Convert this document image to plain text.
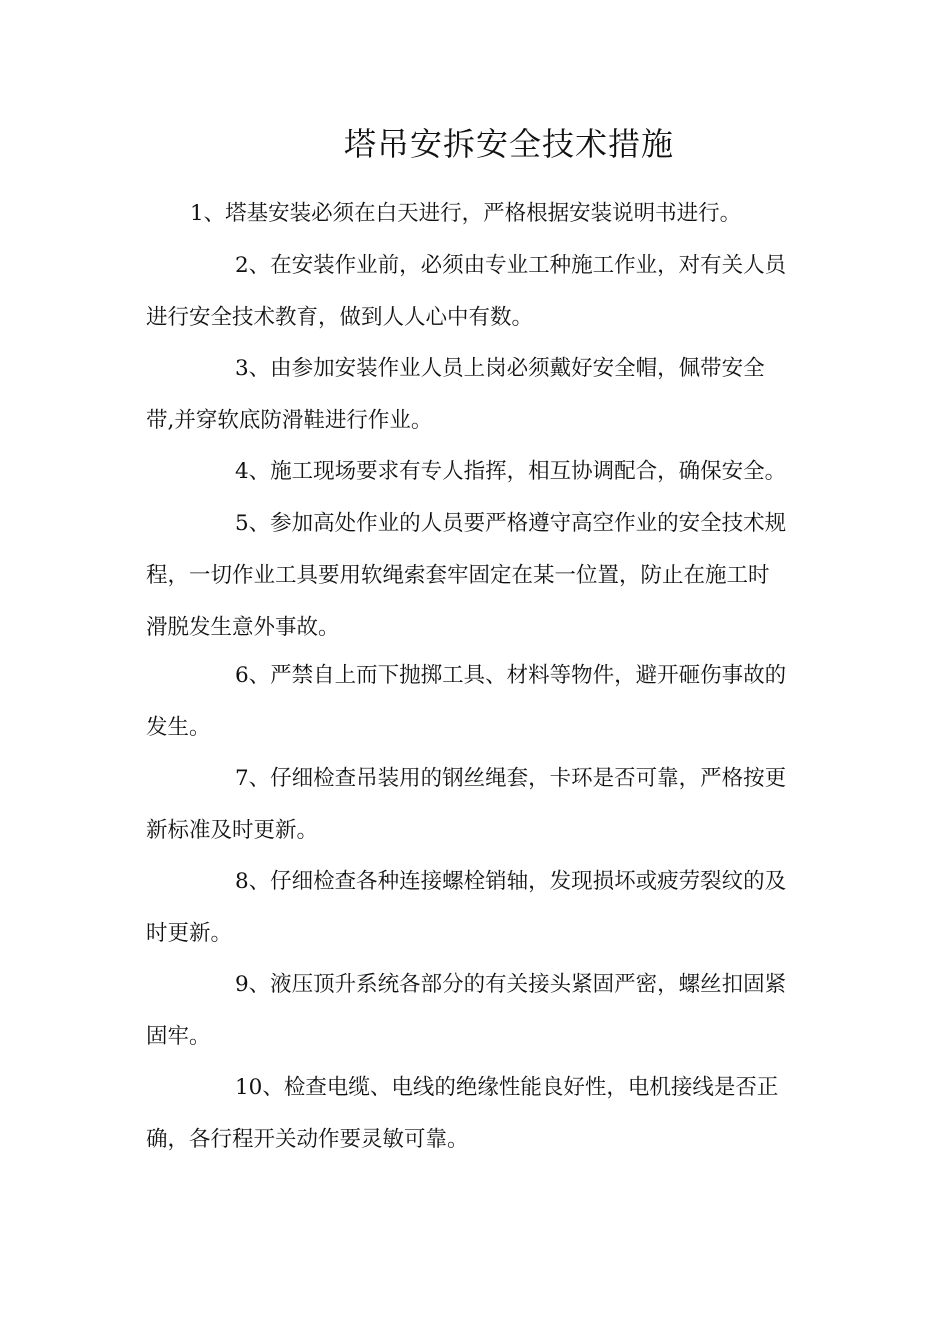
塔吊安拆安全技术措施
1、塔基安装必须在白天进行，严格根据安装说明书进行。
2、在安装作业前，必须由专业工种施工作业，对有关人员
进行安全技术教育，做到人人心中有数。
3、由参加安装作业人员上岗必须戴好安全帽，佩带安全
带,并穿软底防滑鞋进行作业。
4、施工现场要求有专人指挥，相互协调配合，确保安全。
5、参加高处作业的人员要严格遵守高空作业的安全技术规
程，一切作业工具要用软绳索套牢固定在某一位置，防止在施工时
滑脱发生意外事故。
6、严禁自上而下抛掷工具、材料等物件，避开砸伤事故的
发生。
7、仔细检查吊装用的钢丝绳套，卡环是否可靠，严格按更
新标准及时更新。
8、仔细检查各种连接螺栓销轴，发现损坏或疲劳裂纹的及
时更新。
9、液压顶升系统各部分的有关接头紧固严密，螺丝扣固紧
固牢。
10、检查电缆、电线的绝缘性能良好性，电机接线是否正
确，各行程开关动作要灵敏可靠。
